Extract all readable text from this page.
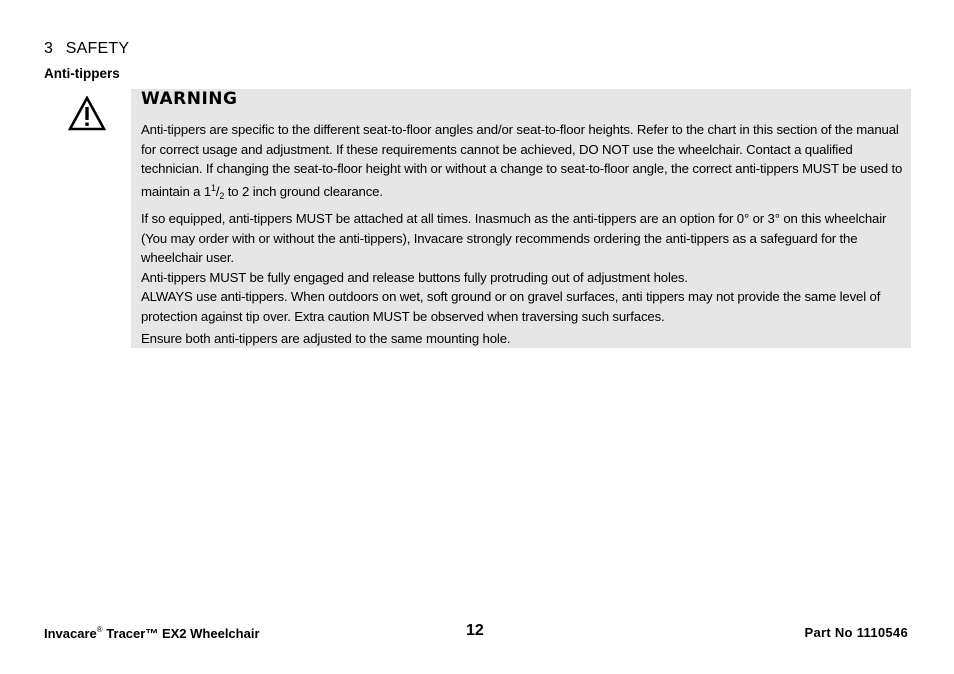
3 SAFETY
Anti-tippers
WARNING

Anti-tippers are specific to the different seat-to-floor angles and/or seat-to-floor heights. Refer to the chart in this section of the manual for correct usage and adjustment. If these requirements cannot be achieved, DO NOT use the wheelchair. Contact a qualified technician. If changing the seat-to-floor height with or without a change to seat-to-floor angle, the correct anti-tippers MUST be used to maintain a $1^1/_2$ to 2 inch ground clearance.

If so equipped, anti-tippers MUST be attached at all times. Inasmuch as the anti-tippers are an option for 0° or 3° on this wheelchair (You may order with or without the anti-tippers), Invacare strongly recommends ordering the anti-tippers as a safeguard for the wheelchair user.

Anti-tippers MUST be fully engaged and release buttons fully protruding out of adjustment holes.

ALWAYS use anti-tippers. When outdoors on wet, soft ground or on gravel surfaces, anti tippers may not provide the same level of protection against tip over. Extra caution MUST be observed when traversing such surfaces.

Ensure both anti-tippers are adjusted to the same mounting hole.

Invacare® Tracer™ EX2 Wheelchair	12	Part No 1110546
